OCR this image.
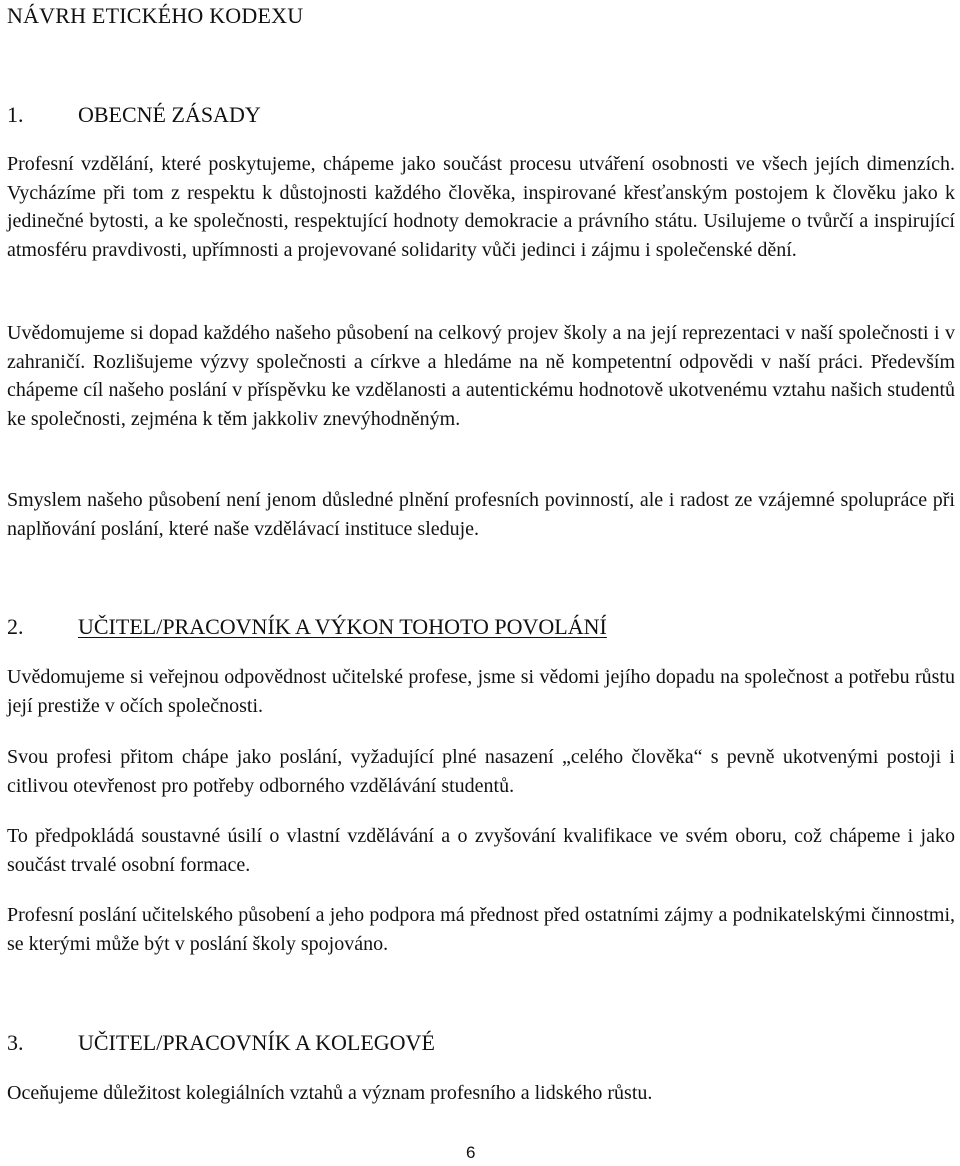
NÁVRH ETICKÉHO KODEXU
1. OBECNÉ ZÁSADY

Profesní vzdělání, které poskytujeme, chápeme jako součást procesu utváření osobnosti ve všech jejích dimenzích. Vycházíme při tom z respektu k důstojnosti každého člověka, inspirované křesťanským postojem k člověku jako k jedinečné bytosti, a ke společnosti, respektující hodnoty demokracie a právního státu. Usilujeme o tvůrčí a inspirující atmosféru pravdivosti, upřímnosti a projevované solidarity vůči jedinci i zájmu i společenské dění.

Uvědomujeme si dopad každého našeho působení na celkový projev školy a na její reprezentaci v naší společnosti i v zahraničí. Rozlišujeme výzvy společnosti a církve a hledáme na ně kompetentní odpovědi v naší práci. Především chápeme cíl našeho poslání v příspěvku ke vzdělanosti a autentickému hodnotově ukotvenému vztahu našich studentů ke společnosti, zejména k těm jakkoliv znevýhodněným.

Smyslem našeho působení není jenom důsledné plnění profesních povinností, ale i radost ze vzájemné spolupráce při naplňování poslání, které naše vzdělávací instituce sleduje.

2. UČITEL/PRACOVNÍK A VÝKON TOHOTO POVOLÁNÍ

Uvědomujeme si veřejnou odpovědnost učitelské profese, jsme si vědomi jejího dopadu na společnost a potřebu růstu její prestiže v očích společnosti.

Svou profesi přitom chápe jako poslání, vyžadující plné nasazení „celého člověka“ s pevně ukotvenými postoji i citlivou otevřenost pro potřeby odborného vzdělávání studentů.

To předpokládá soustavné úsilí o vlastní vzdělávání a o zvyšování kvalifikace ve svém oboru, což chápeme i jako součást trvalé osobní formace.

Profesní poslání učitelského působení a jeho podpora má přednost před ostatními zájmy a podnikatelskými činnostmi, se kterými může být v poslání školy spojováno.

3. UČITEL/PRACOVNÍK A KOLEGOVÉ

Oceňujeme důležitost kolegiálních vztahů a význam profesního a lidského růstu.

6
